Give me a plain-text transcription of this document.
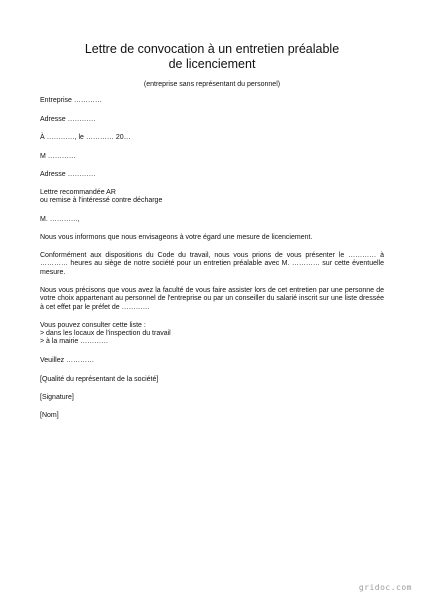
Lettre de convocation à un entretien préalable
de licenciement
(entreprise sans représentant du personnel)
Entreprise …………
Adresse …………
À …………, le ………… 20…
M …………
Adresse …………
Lettre recommandée AR
ou remise à l'intéressé contre décharge
M. …………,
Nous vous informons que nous envisageons à votre égard une mesure de licenciement.
Conformément aux dispositions du Code du travail, nous vous prions de vous présenter le ………… à ………… heures au siège de notre société pour un entretien préalable avec M. ………… sur cette éventuelle mesure.
Nous vous précisons que vous avez la faculté de vous faire assister lors de cet entretien par une personne de votre choix appartenant au personnel de l'entreprise ou par un conseiller du salarié inscrit sur une liste dressée à cet effet par le préfet de …………
Vous pouvez consulter cette liste :
> dans les locaux de l'inspection du travail
> à la mairie …………
Veuillez …………
[Qualité du représentant de la société]
[Signature]
[Nom]
gridoc.com
